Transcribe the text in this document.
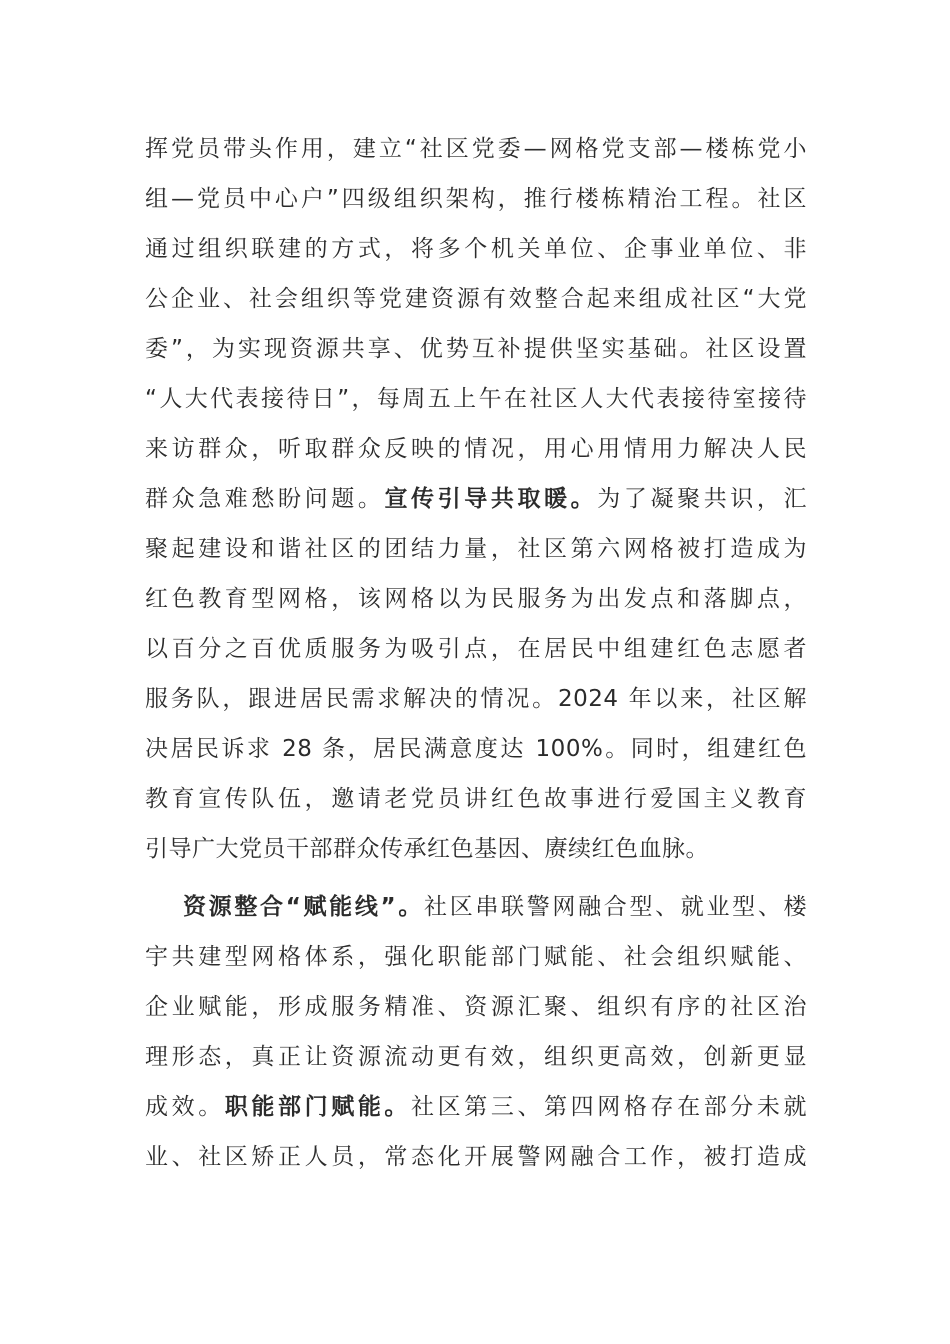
挥党员带头作用，建立“社区党委—网格党支部—楼栋党小
组—党员中心户”四级组织架构，推行楼栋精治工程。社区
通过组织联建的方式，将多个机关单位、企事业单位、非
公企业、社会组织等党建资源有效整合起来组成社区“大党
委”，为实现资源共享、优势互补提供坚实基础。社区设置
“人大代表接待日”，每周五上午在社区人大代表接待室接待
来访群众，听取群众反映的情况，用心用情用力解决人民
群众急难愁盼问题。宣传引导共取暖。为了凝聚共识，汇
聚起建设和谐社区的团结力量，社区第六网格被打造成为
红色教育型网格，该网格以为民服务为出发点和落脚点，
以百分之百优质服务为吸引点，在居民中组建红色志愿者
服务队，跟进居民需求解决的情况。2024 年以来，社区解
决居民诉求 28 条，居民满意度达 100%。同时，组建红色
教育宣传队伍，邀请老党员讲红色故事进行爱国主义教育
引导广大党员干部群众传承红色基因、赓续红色血脉。

资源整合“赋能线”。社区串联警网融合型、就业型、楼
宇共建型网格体系，强化职能部门赋能、社会组织赋能、
企业赋能，形成服务精准、资源汇聚、组织有序的社区治
理形态，真正让资源流动更有效，组织更高效，创新更显
成效。职能部门赋能。社区第三、第四网格存在部分未就
业、社区矫正人员，常态化开展警网融合工作，被打造成
